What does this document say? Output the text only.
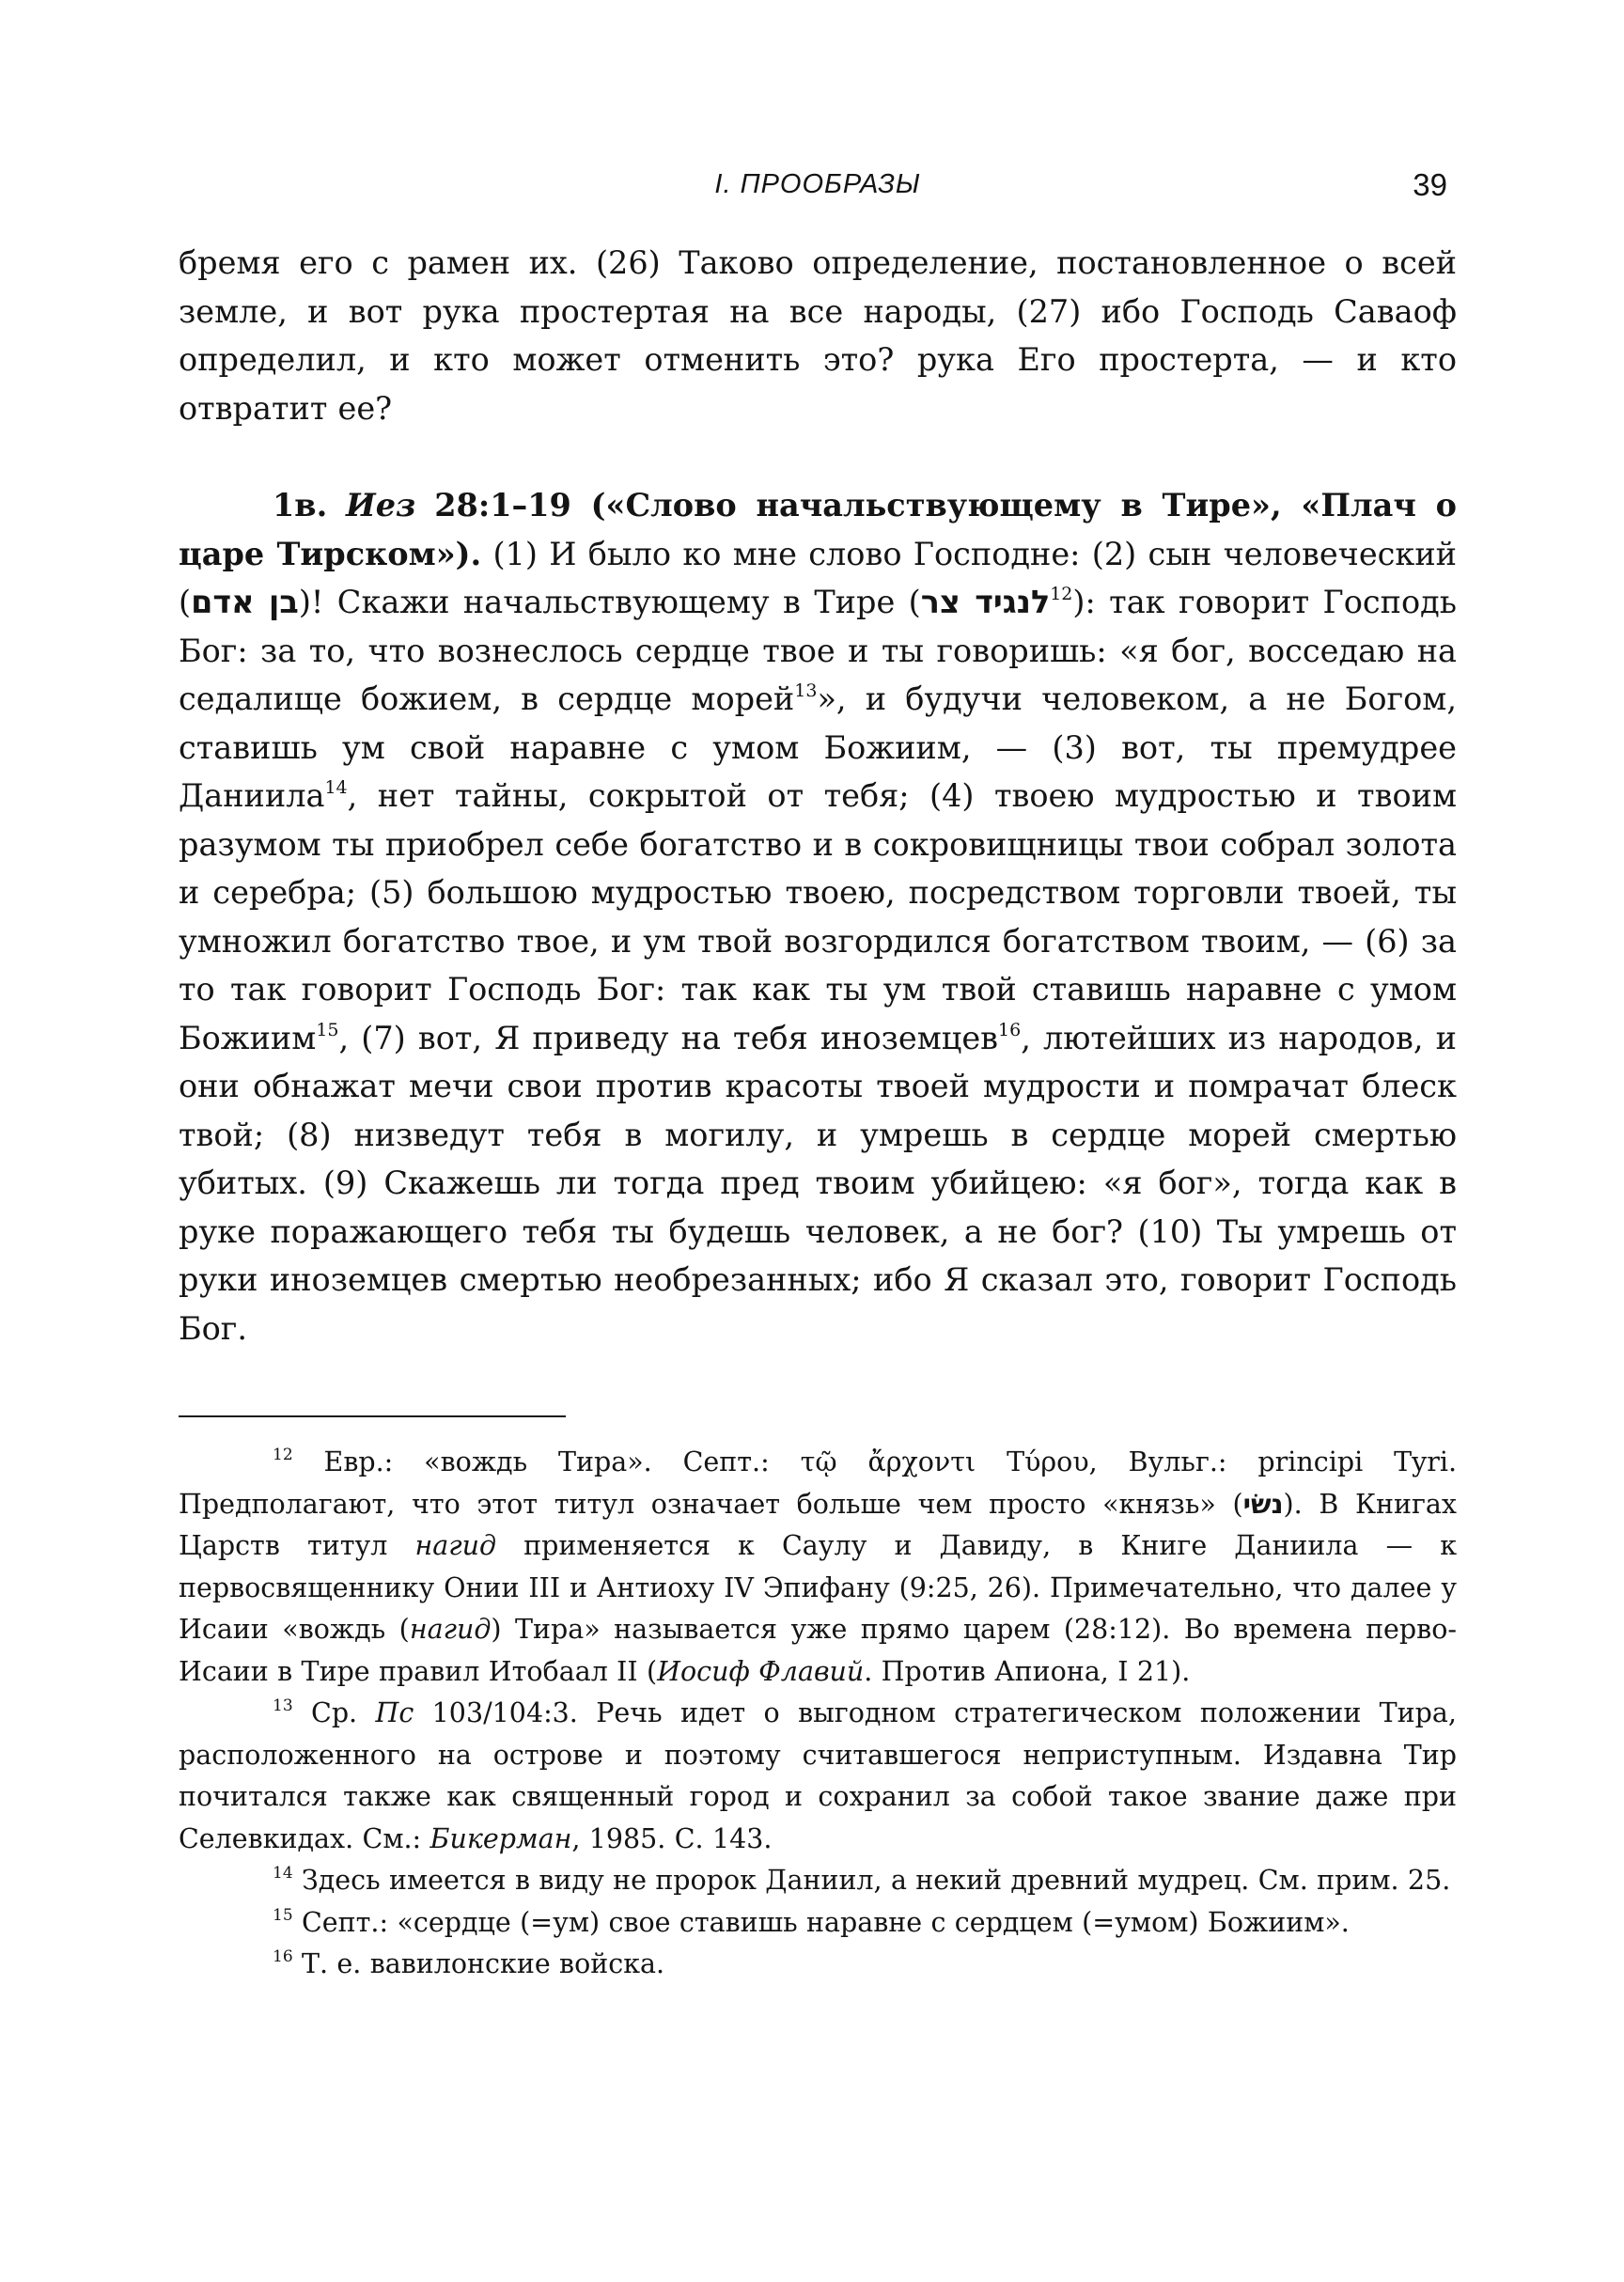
I. ПРООБРАЗЫ	39

бремя его с рамен их. (26) Таково определение, постановленное о всей земле, и вот рука простертая на все народы, (27) ибо Господь Саваоф определил, и кто может отменить это? рука Его простерта, — и кто отвратит ее?

1в. Иез 28:1–19 («Слово начальствующему в Тире», «Плач о царе Тирском»). (1) И было ко мне слово Господне: (2) сын человеческий (בן אדם)! Скажи начальствующему в Тире (לנגיד צר$^{12}$): так говорит Господь Бог: за то, что вознеслось сердце твое и ты говоришь: «я бог, восседаю на седалище божием, в сердце морей$^{13}$», и будучи человеком, а не Богом, ставишь ум свой наравне с умом Божиим, — (3) вот, ты премудрее Даниила$^{14}$, нет тайны, сокрытой от тебя; (4) твоею мудростью и твоим разумом ты приобрел себе богатство и в сокровищницы твои собрал золота и серебра; (5) большою мудростью твоею, посредством торговли твоей, ты умножил богатство твое, и ум твой возгордился богатством твоим, — (6) за то так говорит Господь Бог: так как ты ум твой ставишь наравне с умом Божиим$^{15}$, (7) вот, Я приведу на тебя иноземцев$^{16}$, лютейших из народов, и они обнажат мечи свои против красоты твоей мудрости и помрачат блеск твой; (8) низведут тебя в могилу, и умрешь в сердце морей смертью убитых. (9) Скажешь ли тогда пред твоим убийцею: «я бог», тогда как в руке поражающего тебя ты будешь человек, а не бог? (10) Ты умрешь от руки иноземцев смертью необрезанных; ибо Я сказал это, говорит Господь Бог.

$^{12}$ Евр.: «вождь Тира». Септ.: τῷ ἄρχοντι Τύρου, Вульг.: principi Tyri. Предполагают, что этот титул означает больше чем просто «князь» (נשׂי). В Книгах Царств титул нагид применяется к Саулу и Давиду, в Книге Даниила — к первосвященнику Онии III и Антиоху IV Эпифану (9:25, 26). Примечательно, что далее у Исаии «вождь (нагид) Тира» называется уже прямо царем (28:12). Во времена перво-Исаии в Тире правил Итобаал II (Иосиф Флавий. Против Апиона, I 21).

$^{13}$ Ср. Пс 103/104:3. Речь идет о выгодном стратегическом положении Тира, расположенного на острове и поэтому считавшегося неприступным. Издавна Тир почитался также как священный город и сохранил за собой такое звание даже при Селевкидах. См.: Бикерман, 1985. С. 143.

$^{14}$ Здесь имеется в виду не пророк Даниил, а некий древний мудрец. См. прим. 25.

$^{15}$ Септ.: «сердце (=ум) свое ставишь наравне с сердцем (=умом) Божиим».

$^{16}$ Т. е. вавилонские войска.
